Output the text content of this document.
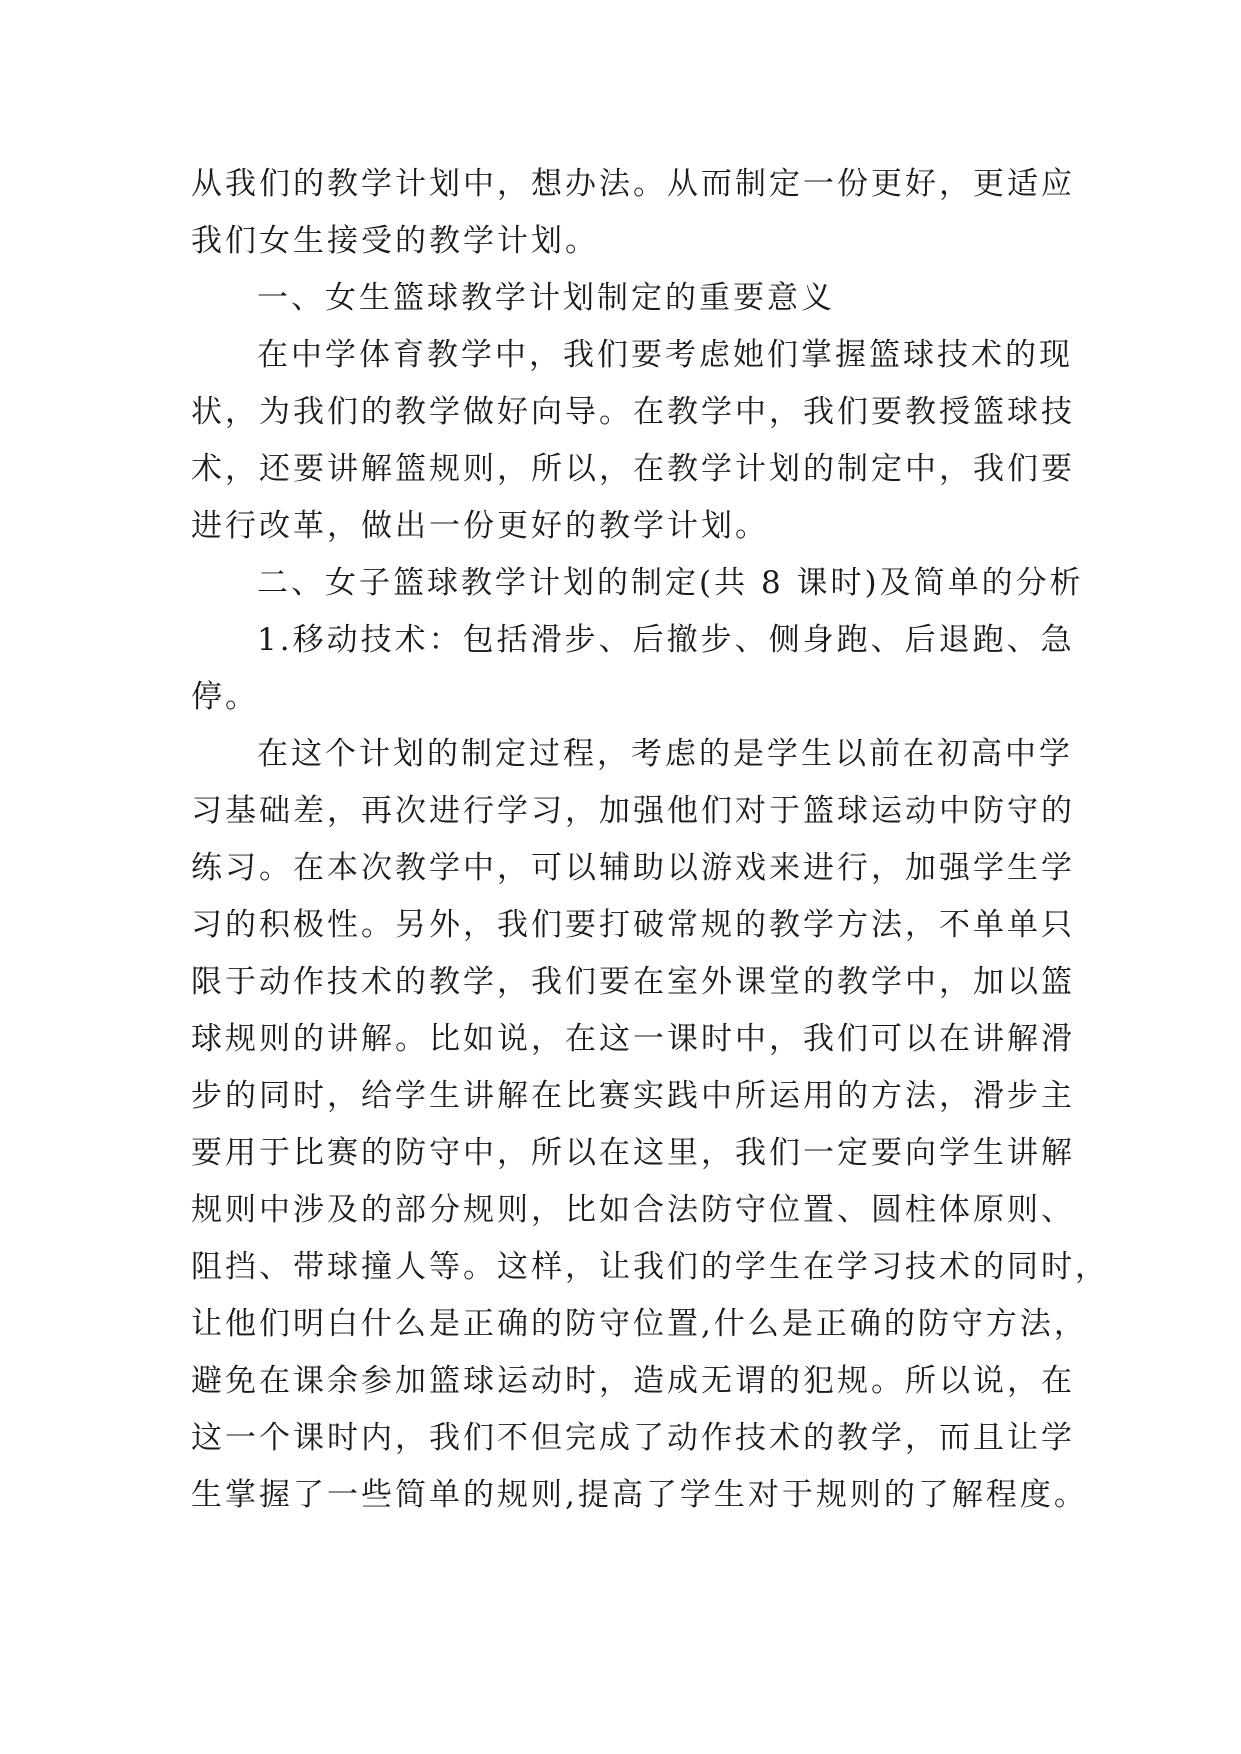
从我们的教学计划中，想办法。从而制定一份更好，更适应
我们女生接受的教学计划。
一、女生篮球教学计划制定的重要意义
在中学体育教学中，我们要考虑她们掌握篮球技术的现
状，为我们的教学做好向导。在教学中，我们要教授篮球技
术，还要讲解篮规则，所以，在教学计划的制定中，我们要
进行改革，做出一份更好的教学计划。
二、女子篮球教学计划的制定(共 8 课时)及简单的分析
1.移动技术：包括滑步、后撤步、侧身跑、后退跑、急
停。
在这个计划的制定过程，考虑的是学生以前在初高中学
习基础差，再次进行学习，加强他们对于篮球运动中防守的
练习。在本次教学中，可以辅助以游戏来进行，加强学生学
习的积极性。另外，我们要打破常规的教学方法，不单单只
限于动作技术的教学，我们要在室外课堂的教学中，加以篮
球规则的讲解。比如说，在这一课时中，我们可以在讲解滑
步的同时，给学生讲解在比赛实践中所运用的方法，滑步主
要用于比赛的防守中，所以在这里，我们一定要向学生讲解
规则中涉及的部分规则，比如合法防守位置、圆柱体原则、
阻挡、带球撞人等。这样，让我们的学生在学习技术的同时，
让他们明白什么是正确的防守位置,什么是正确的防守方法，
避免在课余参加篮球运动时，造成无谓的犯规。所以说，在
这一个课时内，我们不但完成了动作技术的教学，而且让学
生掌握了一些简单的规则,提高了学生对于规则的了解程度。
